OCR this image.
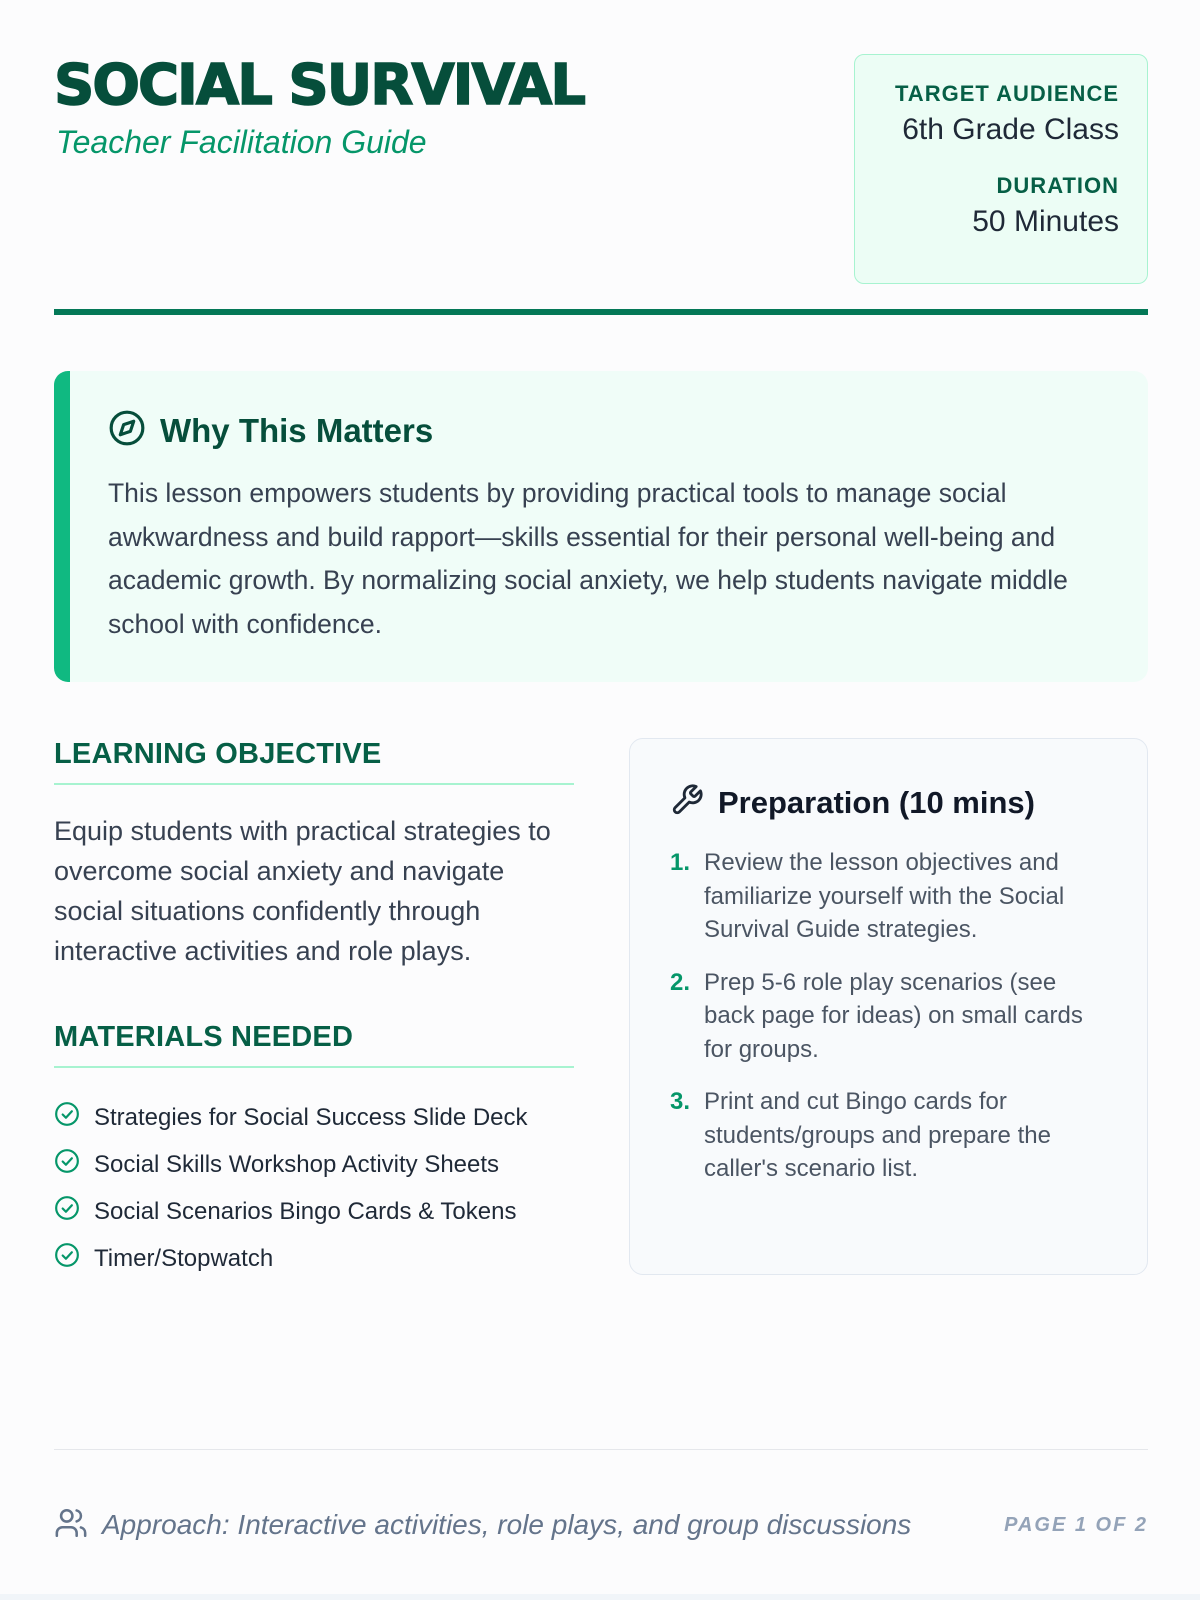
SOCIAL SURVIVAL
Teacher Facilitation Guide
TARGET AUDIENCE
6th Grade Class
DURATION
50 Minutes
Why This Matters

This lesson empowers students by providing practical tools to manage social awkwardness and build rapport—skills essential for their personal well-being and academic growth. By normalizing social anxiety, we help students navigate middle school with confidence.

LEARNING OBJECTIVE

Equip students with practical strategies to overcome social anxiety and navigate social situations confidently through interactive activities and role plays.

MATERIALS NEEDED
Strategies for Social Success Slide Deck
Social Skills Workshop Activity Sheets
Social Scenarios Bingo Cards & Tokens
Timer/Stopwatch
Preparation (10 mins)
1. Review the lesson objectives and familiarize yourself with the Social Survival Guide strategies.
2. Prep 5-6 role play scenarios (see back page for ideas) on small cards for groups.
3. Print and cut Bingo cards for students/groups and prepare the caller's scenario list.
Approach: Interactive activities, role plays, and group discussions	PAGE 1 OF 2
